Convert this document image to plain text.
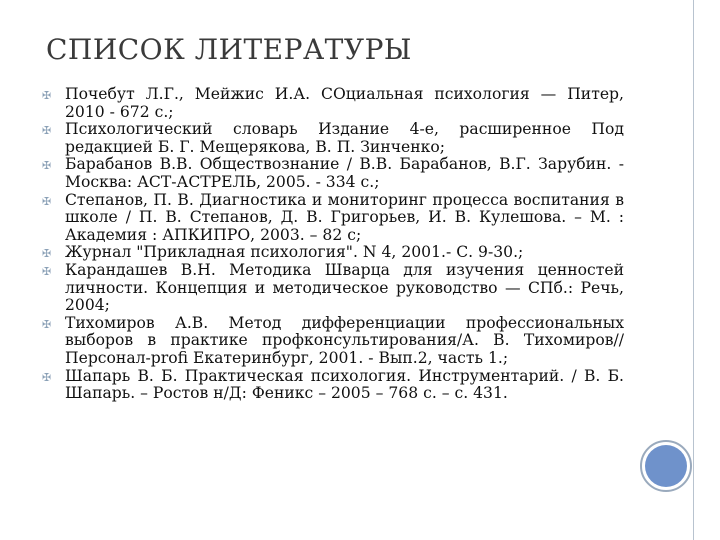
СПИСОК ЛИТЕРАТУРЫ
✠ Почебут Л.Г., Мейжис И.А. СОциальная психология — Питер, 2010 - 672 с.;
✠ Психологический словарь Издание 4-е, расширенное Под редакцией Б. Г. Мещерякова, В. П. Зинченко;
✠ Барабанов В.В. Обществознание / В.В. Барабанов, В.Г. Зарубин. - Москва: АСТ-АСТРЕЛЬ, 2005. - 334 с.;
✠ Степанов, П. В. Диагностика и мониторинг процесса воспитания в школе / П. В. Степанов, Д. В. Григорьев, И. В. Кулешова. – М. : Академия : АПКИПРО, 2003. – 82 с;
✠ Журнал "Прикладная психология". N 4, 2001.- С. 9-30.;
✠ Карандашев В.Н. Методика Шварца для изучения ценностей личности. Концепция и методическое руководство — СПб.: Речь, 2004;
✠ Тихомиров А.В. Метод дифференциации профессиональных выборов в практике профконсультирования/А. В. Тихомиров//Персонал-profi Екатеринбург, 2001. - Вып.2, часть 1.;
✠ Шапарь В. Б. Практическая психология. Инструментарий. / В. Б. Шапарь. – Ростов н/Д: Феникс – 2005 – 768 с. – с. 431.
